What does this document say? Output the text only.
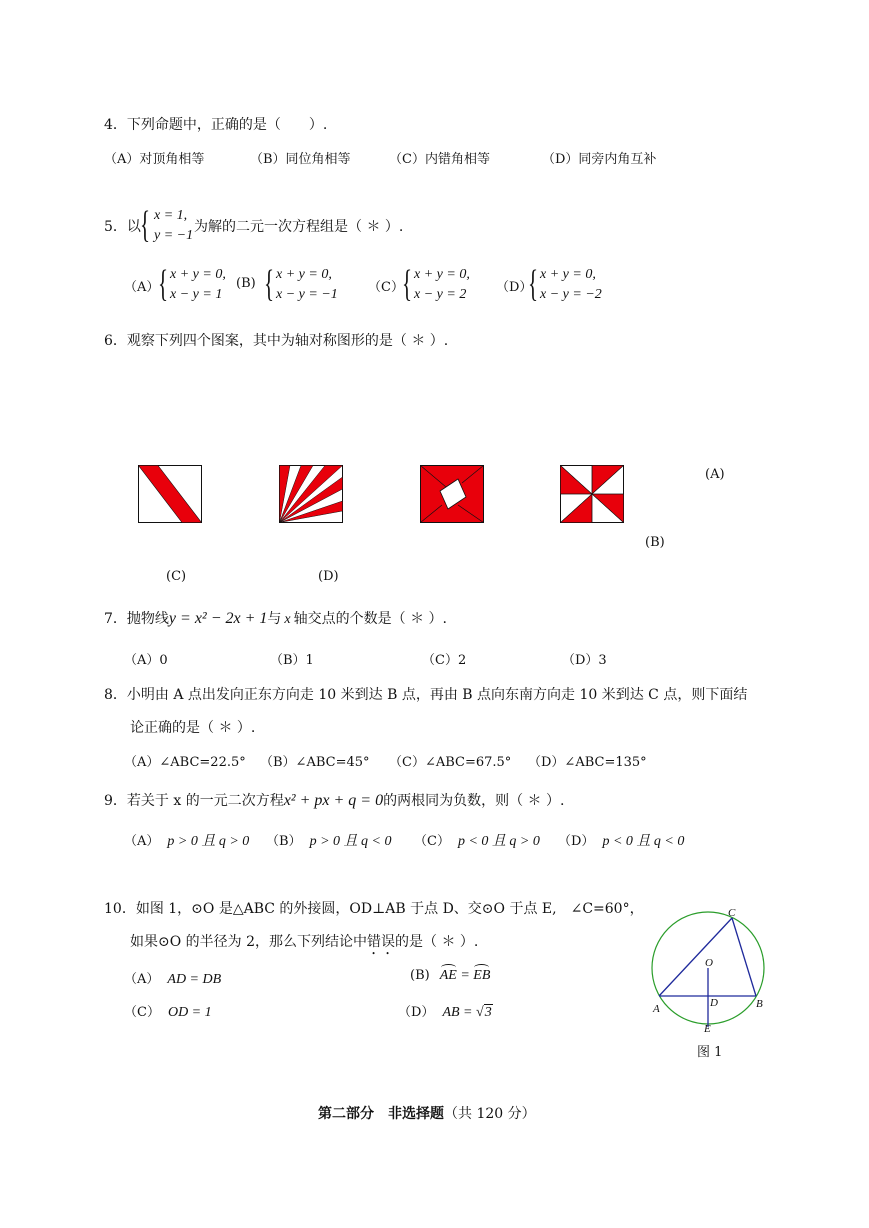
4．下列命题中，正确的是（　　）.
（A）对顶角相等	（B）同位角相等	（C）内错角相等	（D）同旁内角互补
5．以 { x = 1,
y = −1
为解的二元一次方程组是（ ＊ ）.
（A）
{ x + y = 0,
x − y = 1
(B) { x + y = 0,
x − y = −1 （C）
{ x + y = 0,
x − y = 2 （D）
{ x + y = 0,
x − y = −2
6．观察下列四个图案，其中为轴对称图形的是（ ＊ ）.
(A)
(B)
(C)	(D)
7．抛物线y = x² − 2x + 1与 x 轴交点的个数是（ ＊ ）.
（A）0	（B）1	（C）2	（D）3
8．小明由 A 点出发向正东方向走 10 米到达 B 点，再由 B 点向东南方向走 10 米到达 C 点，则下面结
论正确的是（ ＊ ）.
（A）∠ABC=22.5° （B）∠ABC=45° （C）∠ABC=67.5° （D）∠ABC=135°
9．若关于 x 的一元二次方程x² + px + q = 0的两根同为负数，则（ ＊ ）.
（A） p > 0 且 q > 0 （B） p > 0 且 q < 0 （C） p < 0 且 q > 0 （D） p < 0 且 q < 0
10．如图 1，⊙O 是△ABC 的外接圆，OD⊥AB 于点 D、交⊙O 于点 E,　∠C=60°，
如果⊙O 的半径为 2，那么下列结论中错误的是（ ＊ ）.
（A） AD = DB	(B) AE = EB
（C） OD = 1	（D） AB = √3
C
O
D
A	B
E
图 1
第二部分　非选择题（共 120 分）
